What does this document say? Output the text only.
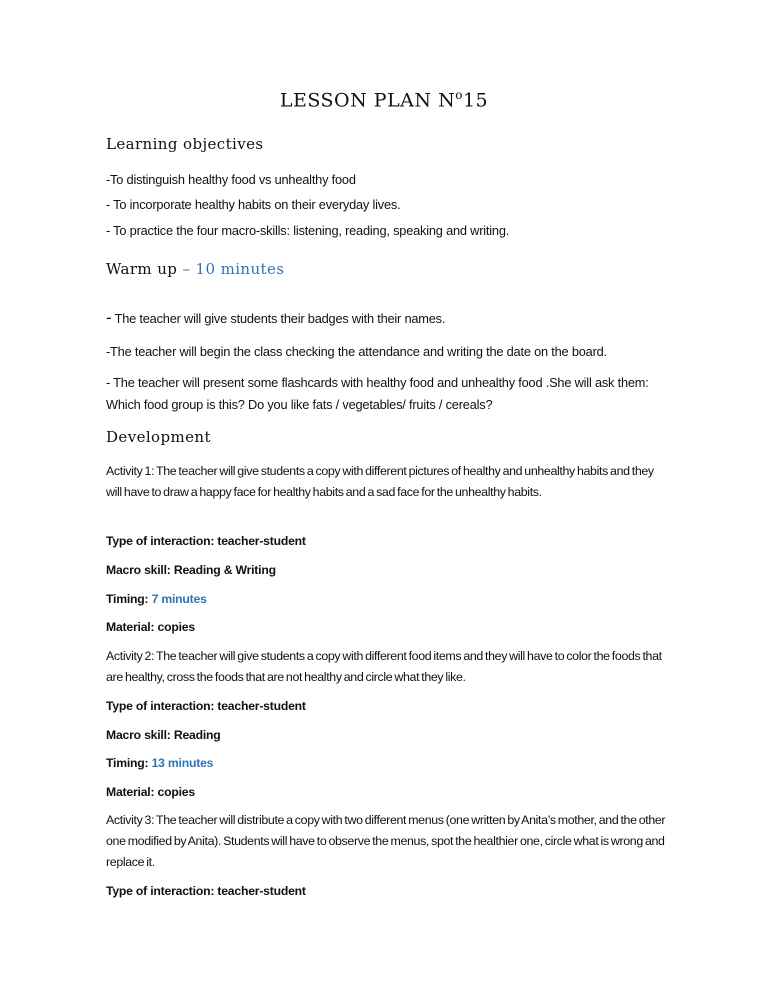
LESSON PLAN $N^o15$
Learning objectives
-To distinguish healthy food vs unhealthy food
- To incorporate healthy habits on their everyday lives.
- To practice the four macro-skills: listening, reading, speaking and writing.
Warm up – 10 minutes
- The teacher will give students their badges with their names.
-The teacher will begin the class checking the attendance and writing the date on the board.
- The teacher will present some flashcards with healthy food and unhealthy food .She will ask them: Which food group is this? Do you like fats / vegetables/ fruits / cereals?
Development
Activity 1: The teacher will give students a copy with different pictures of healthy and unhealthy habits and they will have to draw a happy face for healthy habits and a sad face for the unhealthy habits.
Type of interaction: teacher-student
Macro skill: Reading & Writing
Timing: 7 minutes
Material: copies
Activity 2: The teacher will give students a copy with different food items and they will have to color the foods that are healthy, cross the foods that are not healthy and circle what they like.
Type of interaction: teacher-student
Macro skill: Reading
Timing: 13 minutes
Material: copies
Activity 3: The teacher will distribute a copy with two different menus (one written by Anita’s mother, and the other one modified by Anita). Students will have to observe the menus, spot the healthier one, circle what is wrong and replace it.
Type of interaction: teacher-student
